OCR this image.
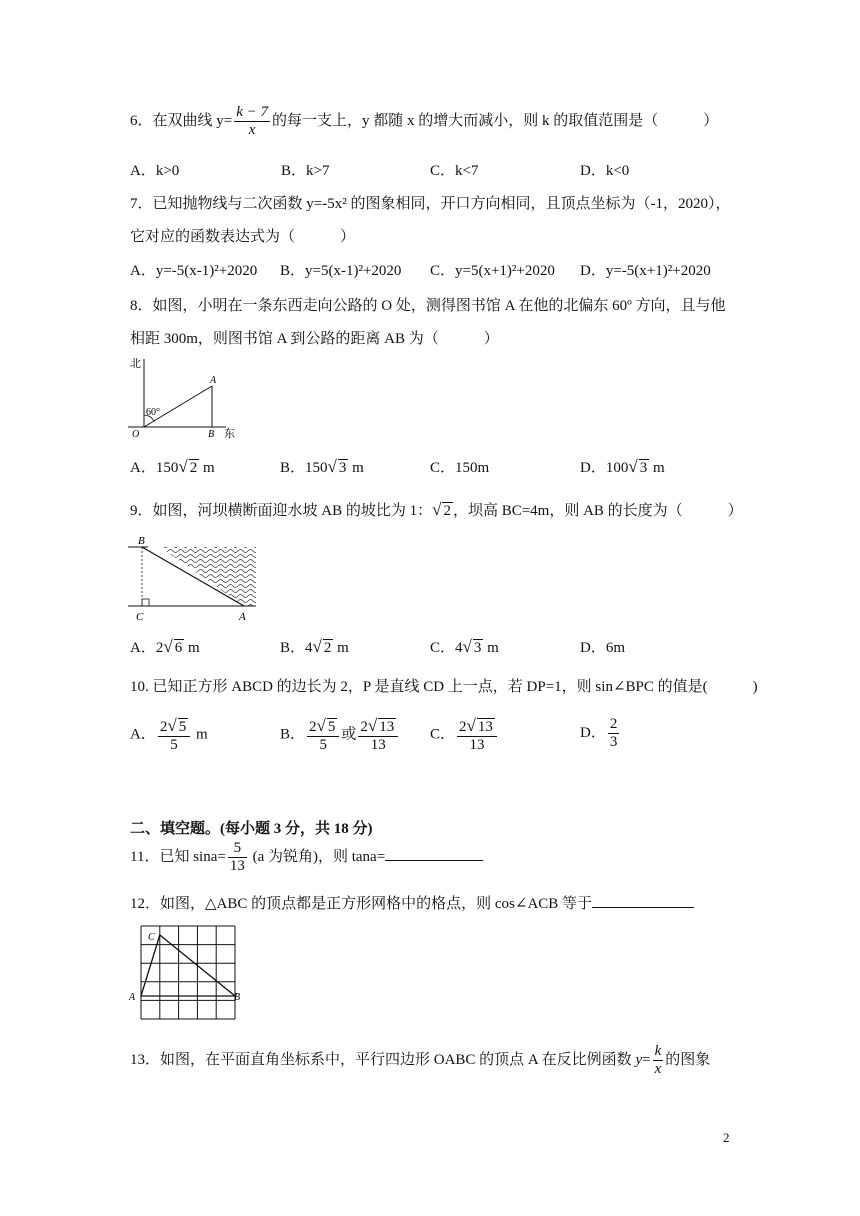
6．在双曲线 $y= \frac{k - 7}{x}$ 的每一支上，y 都随 x 的增大而减小，则 k 的取值范围是（　　　）
A．k>0	B．k>7	C．k<7	D．k<0
7．已知抛物线与二次函数 y=-5x² 的图象相同，开口方向相同，且顶点坐标为（-1，2020），
它对应的函数表达式为（　　　）
A．y=-5(x-1)²+2020 B．y=5(x-1)²+2020 C．y=5(x+1)²+2020 D．y=-5(x+1)²+2020
8．如图，小明在一条东西走向公路的 O 处，测得图书馆 A 在他的北偏东 60º 方向，且与他
相距 300m，则图书馆 A 到公路的距离 AB 为（　　　）
北
60°
O
A
B 东
A．150√ 2 m	B．150√ 3 m	C．150m	D．100√ 3 m
9．如图，河坝横断面迎水坡 AB 的坡比为 1：√ 2 ，坝高 BC=4m，则 AB 的长度为（　　　）
B
C	A
A．2√ 6 m	B．4√ 2 m	C．4√ 3 m	D．6m
10. 已知正方形 ABCD 的边长为 2，P 是直线 CD 上一点，若 DP=1，则 sin∠BPC 的值是(　　　)
A． $\frac{2√ 5}{5}$ m	B． $\frac{2√ 5}{5}$ 或 $\frac{2√ 13}{13}$ C． $\frac{2√ 13}{13}$	D． $\frac{2}{3}$
二、填空题。(每小题 3 分，共 18 分)
11．已知 $\sin a= \frac{5}{13} (a$ 为锐角)，则 tana=
12．如图，△ABC 的顶点都是正方形网格中的格点，则 cos∠ACB 等于
C
A	B
13．如图，在平面直角坐标系中，平行四边形 OABC 的顶点 A 在反比例函数 $y= \frac{k}{x}$ 的图象
2
